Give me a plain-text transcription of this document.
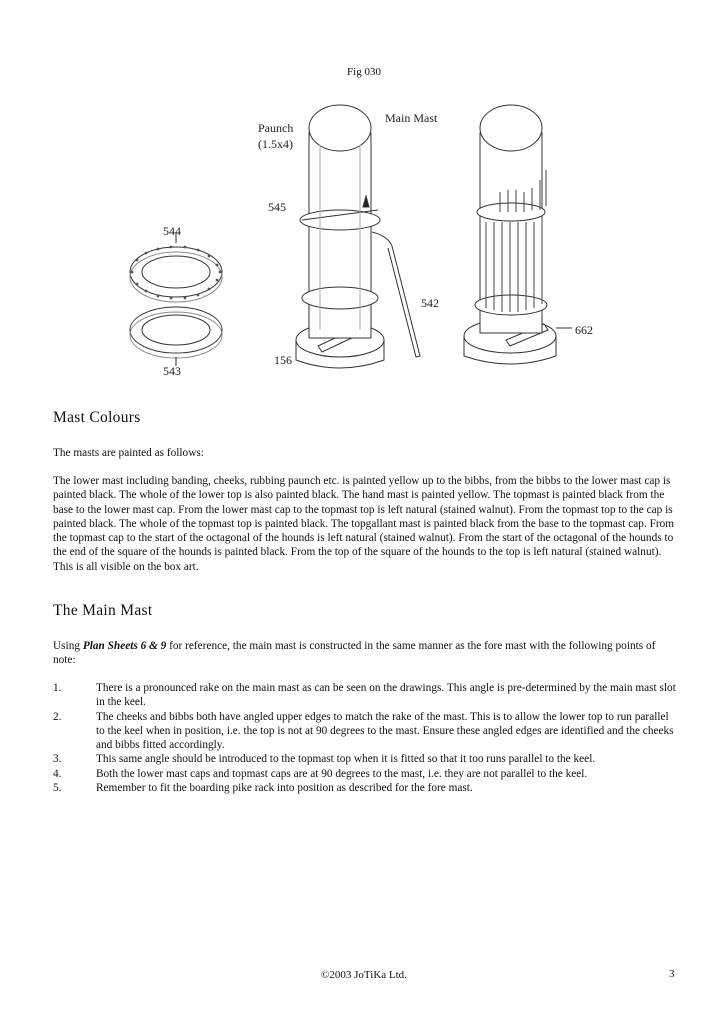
Fig 030
Paunch
(1.5x4)
Main Mast
545
544
542
543
156
662
Mast Colours

The masts are painted as follows:

The lower mast including banding, cheeks, rubbing paunch etc. is painted yellow up to the bibbs, from the bibbs to the lower mast cap is painted black. The whole of the lower top is also painted black. The hand mast is painted yellow. The topmast is painted black from the base to the lower mast cap. From the lower mast cap to the topmast top is left natural (stained walnut). From the topmast top to the cap is painted black. The whole of the topmast top is painted black. The topgallant mast is painted black from the base to the topmast cap. From the topmast cap to the start of the octagonal of the hounds is left natural (stained walnut). From the start of the octagonal of the hounds to the end of the square of the hounds is painted black. From the top of the square of the hounds to the top is left natural (stained walnut). This is all visible on the box art.

The Main Mast

Using Plan Sheets 6 & 9 for reference, the main mast is constructed in the same manner as the fore mast with the following points of note:

1.	There is a pronounced rake on the main mast as can be seen on the drawings. This angle is pre-determined by the main mast slot in the keel.
2.	The cheeks and bibbs both have angled upper edges to match the rake of the mast. This is to allow the lower top to run parallel to the keel when in position, i.e. the top is not at 90 degrees to the mast. Ensure these angled edges are identified and the cheeks and bibbs fitted accordingly.
3.	This same angle should be introduced to the topmast top when it is fitted so that it too runs parallel to the keel.
4.	Both the lower mast caps and topmast caps are at 90 degrees to the mast, i.e. they are not parallel to the keel.
5.	Remember to fit the boarding pike rack into position as described for the fore mast.
©2003 JoTiKa Ltd.	3
